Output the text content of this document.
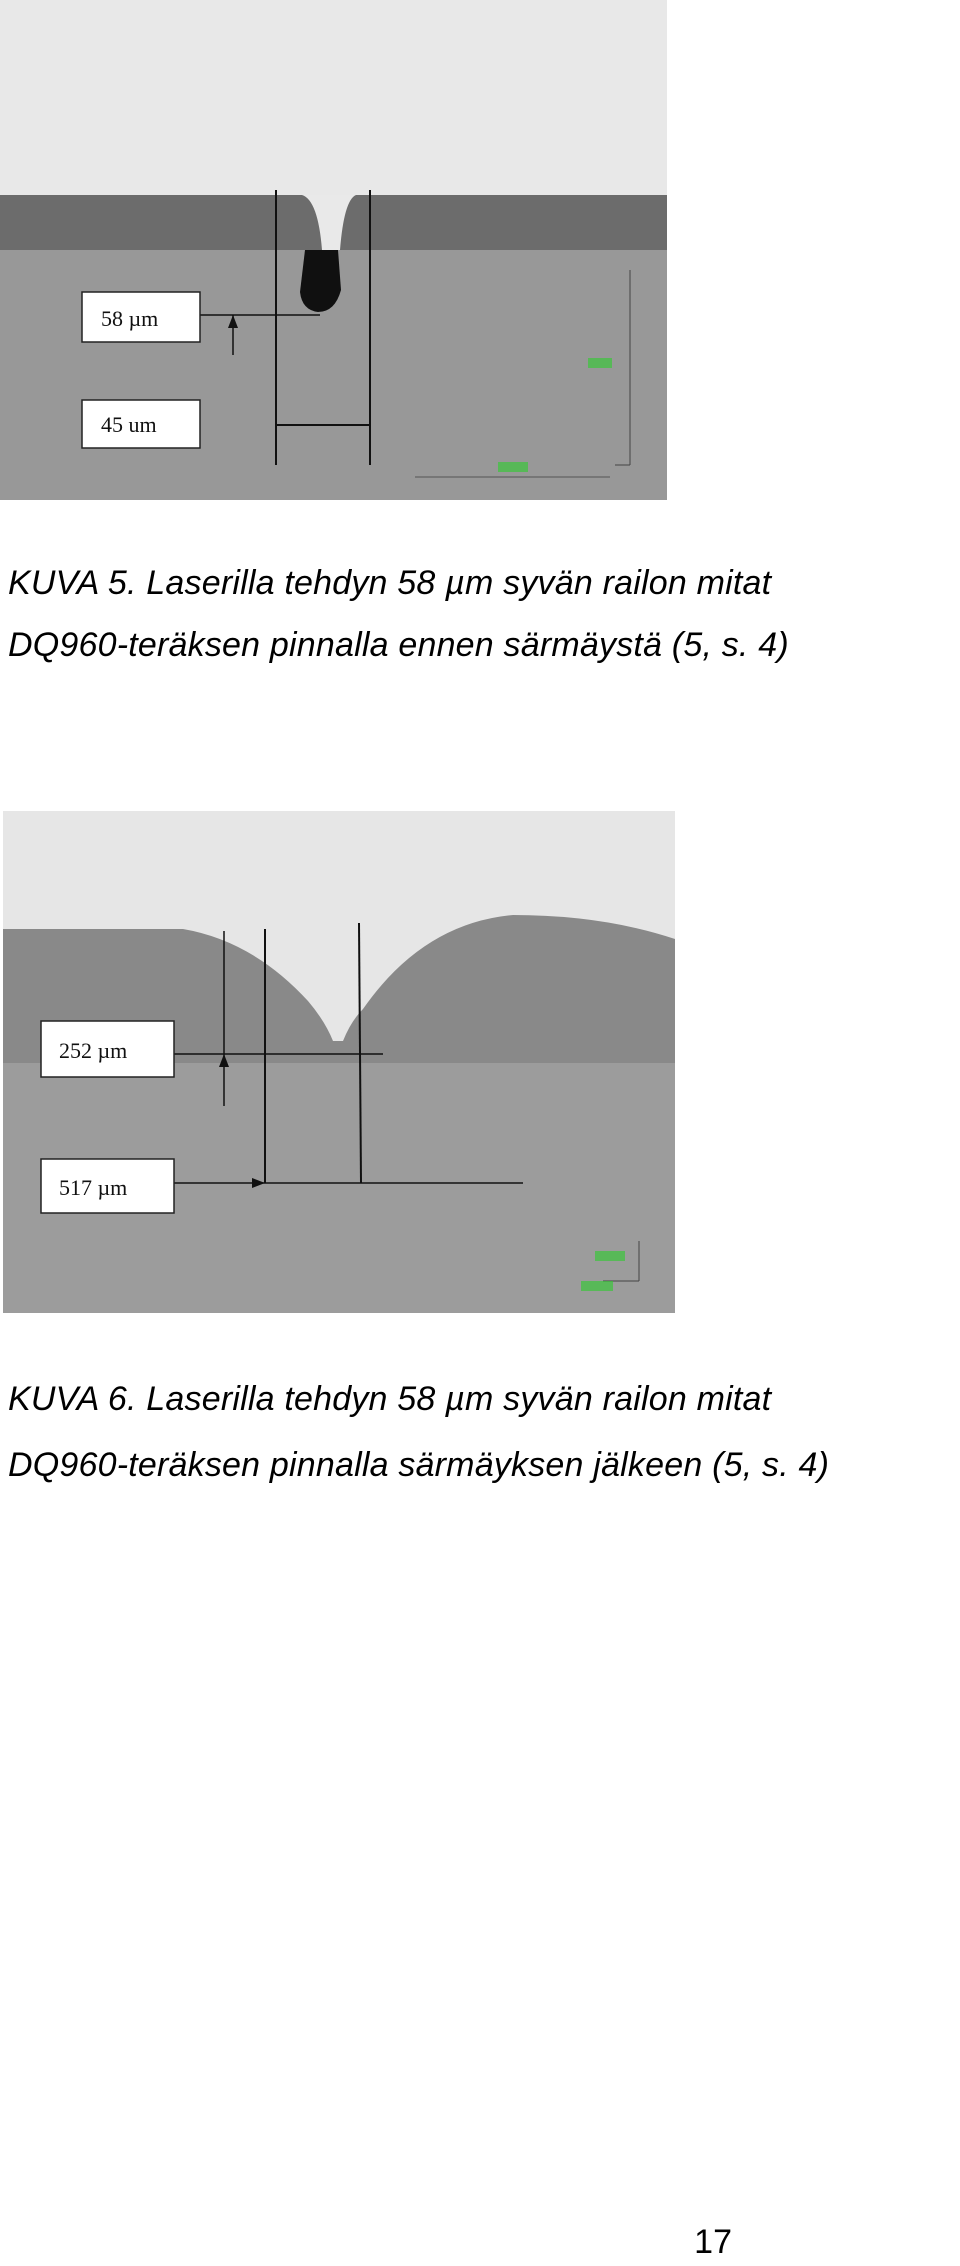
58 µm
45 um
KUVA 5. Laserilla tehdyn 58 µm syvän railon mitat
DQ960-teräksen pinnalla ennen särmäystä (5, s. 4)
252 µm
517 µm
KUVA 6. Laserilla tehdyn 58 µm syvän railon mitat
DQ960-teräksen pinnalla särmäyksen jälkeen (5, s. 4)
17
